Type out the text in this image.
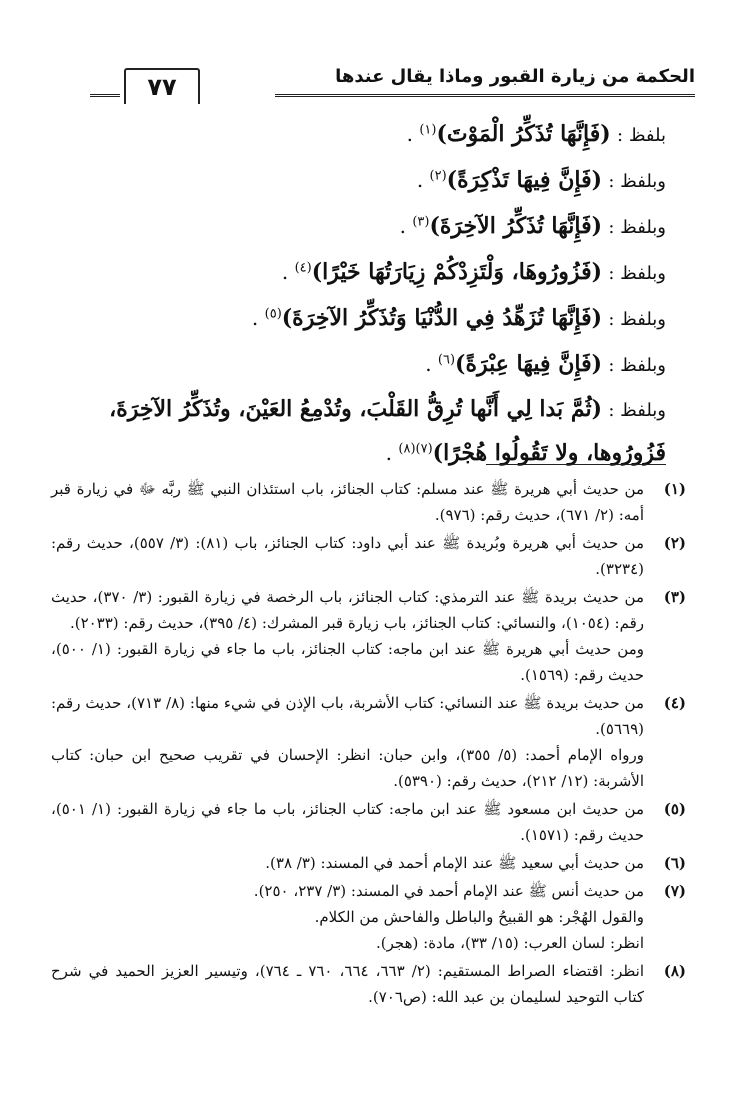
الحكمة من زيارة القبور وماذا يقال عندها
٧٧
بلفظ : (فَإِنَّهَا تُذَكِّرُ الْمَوْتَ)$^{(١)}$ .
وبلفظ : (فَإِنَّ فِيهَا تَذْكِرَةً)$^{(٢)}$ .
وبلفظ : (فَإِنَّهَا تُذَكِّرُ الآخِرَةَ)$^{(٣)}$ .
وبلفظ : (فَزُورُوهَا، وَلْتَزِدْكُمْ زِيَارَتُهَا خَيْرًا)$^{(٤)}$ .
وبلفظ : (فَإِنَّهَا تُزَهِّدُ فِي الدُّنْيَا وَتُذَكِّرُ الآخِرَةَ)$^{(٥)}$ .
وبلفظ : (فَإِنَّ فِيهَا عِبْرَةً)$^{(٦)}$ .
وبلفظ : (ثُمَّ بَدا لِي أَنَّها تُرِقُّ القَلْبَ، وتُدْمِعُ العَيْنَ، وتُذَكِّرُ الآخِرَةَ، فَزُورُوها، ولا تَقُولُوا هُجْرًا)$^{(٧)(٨)}$ .
(١)

من حديث أبي هريرة ﷺ عند مسلم: كتاب الجنائز، باب استئذان النبي ﷺ ربَّه ﷻ في زيارة قبر أمه: (٢/ ٦٧١)، حديث رقم: (٩٧٦).

(٢)

من حديث أبي هريرة وبُريدة ﷺ عند أبي داود: كتاب الجنائز، باب (٨١): (٣/ ٥٥٧)، حديث رقم: (٣٢٣٤).

(٣)

من حديث بريدة ﷺ عند الترمذي: كتاب الجنائز، باب الرخصة في زيارة القبور: (٣/ ٣٧٠)، حديث رقم: (١٠٥٤)، والنسائي: كتاب الجنائز، باب زيارة قبر المشرك: (٤/ ٣٩٥)، حديث رقم: (٢٠٣٣).

ومن حديث أبي هريرة ﷺ عند ابن ماجه: كتاب الجنائز، باب ما جاء في زيارة القبور: (١/ ٥٠٠)، حديث رقم: (١٥٦٩).

(٤)

من حديث بريدة ﷺ عند النسائي: كتاب الأشربة، باب الإذن في شيء منها: (٨/ ٧١٣)، حديث رقم: (٥٦٦٩).

ورواه الإمام أحمد: (٥/ ٣٥٥)، وابن حبان: انظر: الإحسان في تقريب صحيح ابن حبان: كتاب الأشربة: (١٢/ ٢١٢)، حديث رقم: (٥٣٩٠).

(٥)

من حديث ابن مسعود ﷺ عند ابن ماجه: كتاب الجنائز، باب ما جاء في زيارة القبور: (١/ ٥٠١)، حديث رقم: (١٥٧١).

(٦)

من حديث أبي سعيد ﷺ عند الإمام أحمد في المسند: (٣/ ٣٨).

(٧)

من حديث أنس ﷺ عند الإمام أحمد في المسند: (٣/ ٢٣٧، ٢٥٠).

والقول الهُجْر: هو القبيحُ والباطل والفاحش من الكلام.

انظر: لسان العرب: (١٥/ ٣٣)، مادة: (هجر).

(٨)

انظر: اقتضاء الصراط المستقيم: (٢/ ٦٦٣، ٦٦٤، ٧٦٠ ـ ٧٦٤)، وتيسير العزيز الحميد في شرح كتاب التوحيد لسليمان بن عبد الله: (ص٧٠٦).
